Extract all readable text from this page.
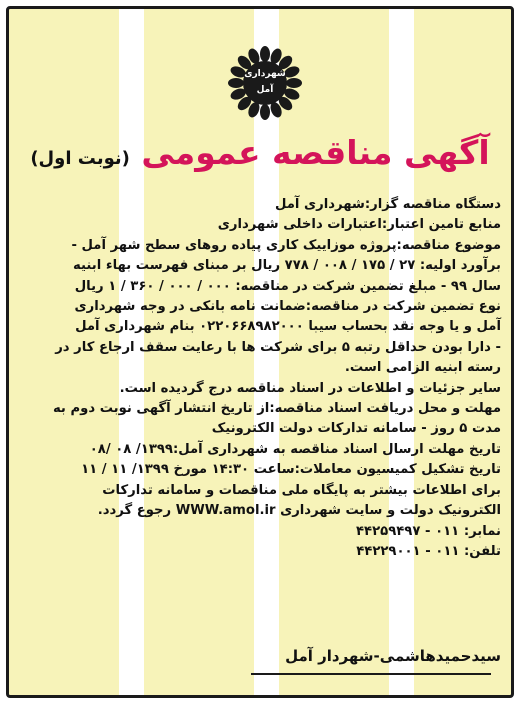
شهرداری
آمل
آگهی مناقصه عمومی (نوبت اول)

دستگاه مناقصه گزار:شهرداری آمل

منابع تامین اعتبار:اعتبارات داخلی شهرداری

موضوع مناقصه:پروژه موزاییک کاری پیاده روهای سطح شهر آمل -

برآورد اولیه: ۲۷ / ۱۷۵ / ۰۰۸ / ۷۷۸ ریال بر مبنای فهرست بهاء ابنیه

سال ۹۹ - مبلغ تضمین شرکت در مناقصه: ۰۰۰ / ۰۰۰ / ۳۶۰ / ۱ ریال

نوع تضمین شرکت در مناقصه:ضمانت نامه بانکی در وجه شهرداری

آمل و یا وجه نقد بحساب سیبا ۰۲۲۰۶۶۸۹۸۲۰۰۰ بنام شهرداری آمل

- دارا بودن حداقل رتبه ۵ برای شرکت ها با رعایت سقف ارجاع کار در

رسته ابنیه الزامی است.

سایر جزئیات و اطلاعات در اسناد مناقصه درج گردیده است.

مهلت و محل دریافت اسناد مناقصه:از تاریخ انتشار آگهی نوبت دوم به

مدت ۵ روز - سامانه تدارکات دولت الکترونیک

تاریخ مهلت ارسال اسناد مناقصه به شهرداری آمل:۱۳۹۹/ ۰۸ /۰۸

تاریخ تشکیل کمیسیون معاملات:ساعت ۱۴:۳۰ مورخ ۱۳۹۹/ ۱۱ / ۱۱

برای اطلاعات بیشتر به پایگاه ملی مناقصات و سامانه تدارکات

الکترونیک دولت و سایت شهرداری WWW.amol.ir رجوع گردد.

نمابر: ۰۱۱ - ۴۴۲۵۹۴۹۷

تلفن: ۰۱۱ - ۴۴۲۲۹۰۰۱

سیدحمیدهاشمی-شهردار آمل
